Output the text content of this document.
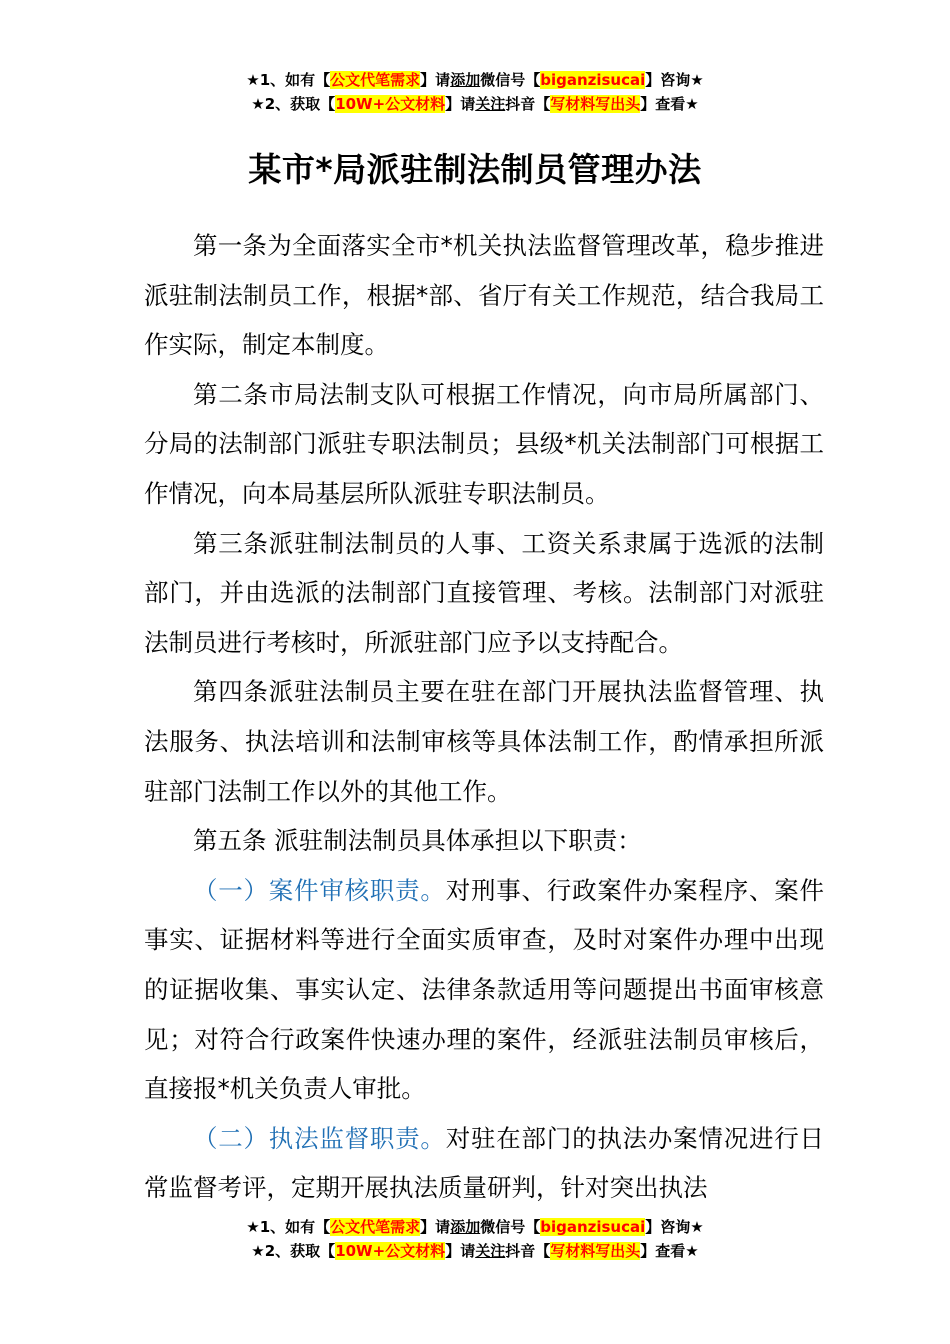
★1、如有【公文代笔需求】请添加微信号【biganzisucai】咨询★
★2、获取【10W+公文材料】请关注抖音【写材料写出头】查看★
某市*局派驻制法制员管理办法

第一条为全面落实全市*机关执法监督管理改革，稳步推进派驻制法制员工作，根据*部、省厅有关工作规范，结合我局工作实际，制定本制度。

第二条市局法制支队可根据工作情况，向市局所属部门、分局的法制部门派驻专职法制员；县级*机关法制部门可根据工作情况，向本局基层所队派驻专职法制员。

第三条派驻制法制员的人事、工资关系隶属于选派的法制部门，并由选派的法制部门直接管理、考核。法制部门对派驻法制员进行考核时，所派驻部门应予以支持配合。

第四条派驻法制员主要在驻在部门开展执法监督管理、执法服务、执法培训和法制审核等具体法制工作，酌情承担所派驻部门法制工作以外的其他工作。

第五条 派驻制法制员具体承担以下职责：

（一）案件审核职责。对刑事、行政案件办案程序、案件事实、证据材料等进行全面实质审查，及时对案件办理中出现的证据收集、事实认定、法律条款适用等问题提出书面审核意见；对符合行政案件快速办理的案件，经派驻法制员审核后，直接报*机关负责人审批。

（二）执法监督职责。对驻在部门的执法办案情况进行日常监督考评，定期开展执法质量研判，针对突出执法

★1、如有【公文代笔需求】请添加微信号【biganzisucai】咨询★
★2、获取【10W+公文材料】请关注抖音【写材料写出头】查看★
